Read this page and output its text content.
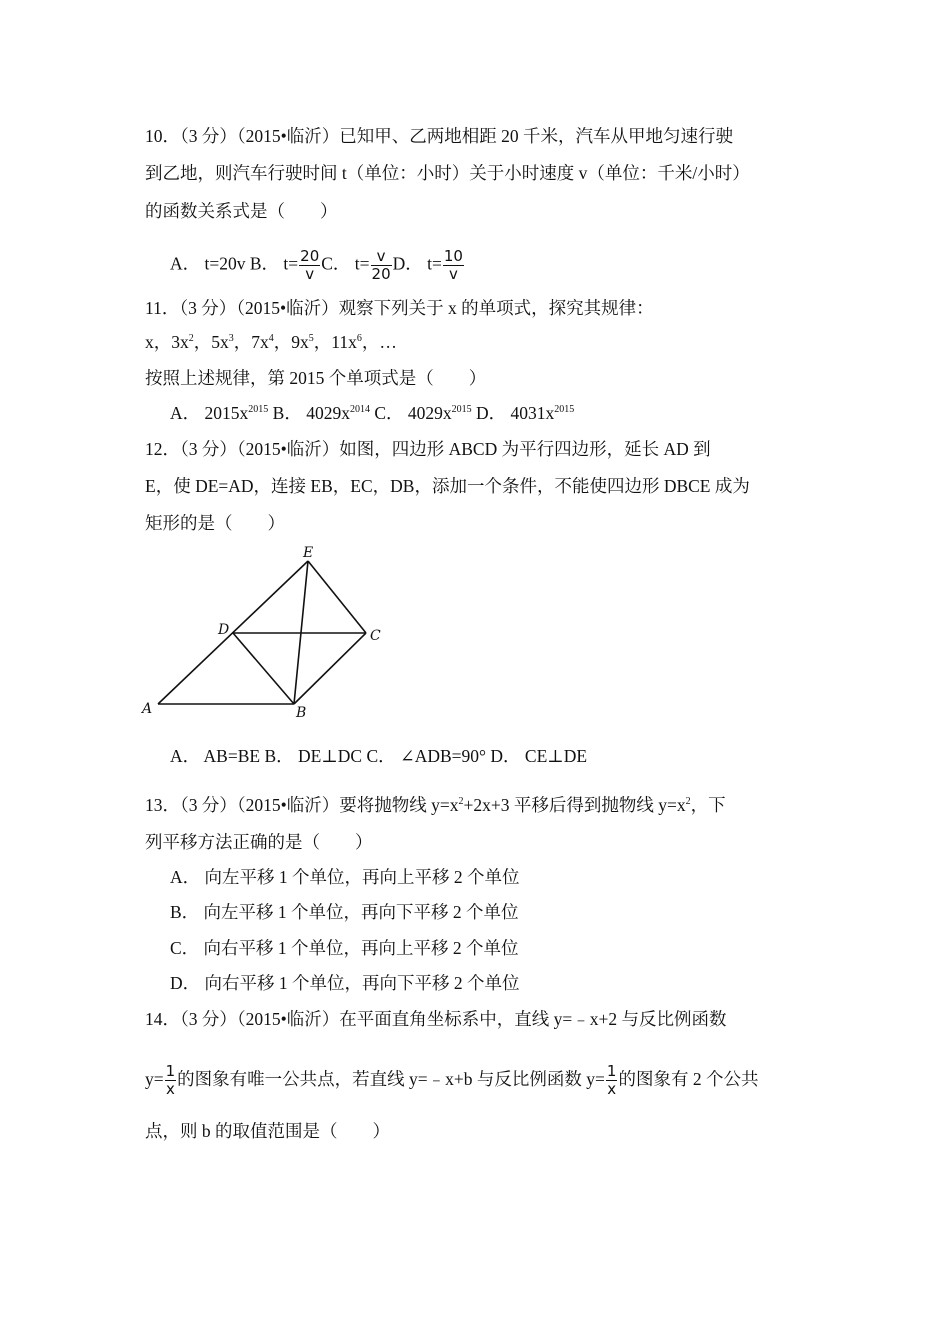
10．（3 分）（2015•临沂）已知甲、乙两地相距 20 千米，汽车从甲地匀速行驶
到乙地，则汽车行驶时间 t（单位：小时）关于小时速度 v（单位：千米/小时）
的函数关系式是（　　）
A． t=20v B． $t= \frac{20}{v}$ C． $t= \frac{v}{20}$ D． $t= \frac{10}{v}$
11．（3 分）（2015•临沂）观察下列关于 x 的单项式，探究其规律：
x，$3x^2$，$5x^3$，$7x^4$，$9x^5$，$11x^6$，…
按照上述规律，第 2015 个单项式是（　　）
A． $2015x^{2015}$ B． $4029x^{2014}$ C． $4029x^{2015}$ D． $4031x^{2015}$
12．（3 分）（2015•临沂）如图，四边形 ABCD 为平行四边形，延长 AD 到
E，使 DE=AD，连接 EB，EC，DB，添加一个条件，不能使四边形 DBCE 成为
矩形的是（　　）
E
D	C
A	B
A． AB=BE B． DE⊥DC C． ∠ADB=90° D． CE⊥DE
13．（3 分）（2015•临沂）要将抛物线 $y=x^2+2x+3$ 平移后得到抛物线 $y=x^2$，下
列平移方法正确的是（　　）
A． 向左平移 1 个单位，再向上平移 2 个单位
B． 向左平移 1 个单位，再向下平移 2 个单位
C． 向右平移 1 个单位，再向上平移 2 个单位
D． 向右平移 1 个单位，再向下平移 2 个单位
14．（3 分）（2015•临沂）在平面直角坐标系中，直线 y=﹣x+2 与反比例函数
$y= \frac{1}{x}$ 的图象有唯一公共点，若直线 y=﹣x+b 与反比例函数 $y= \frac{1}{x}$ 的图象有 2 个公共
点，则 b 的取值范围是（　　）
